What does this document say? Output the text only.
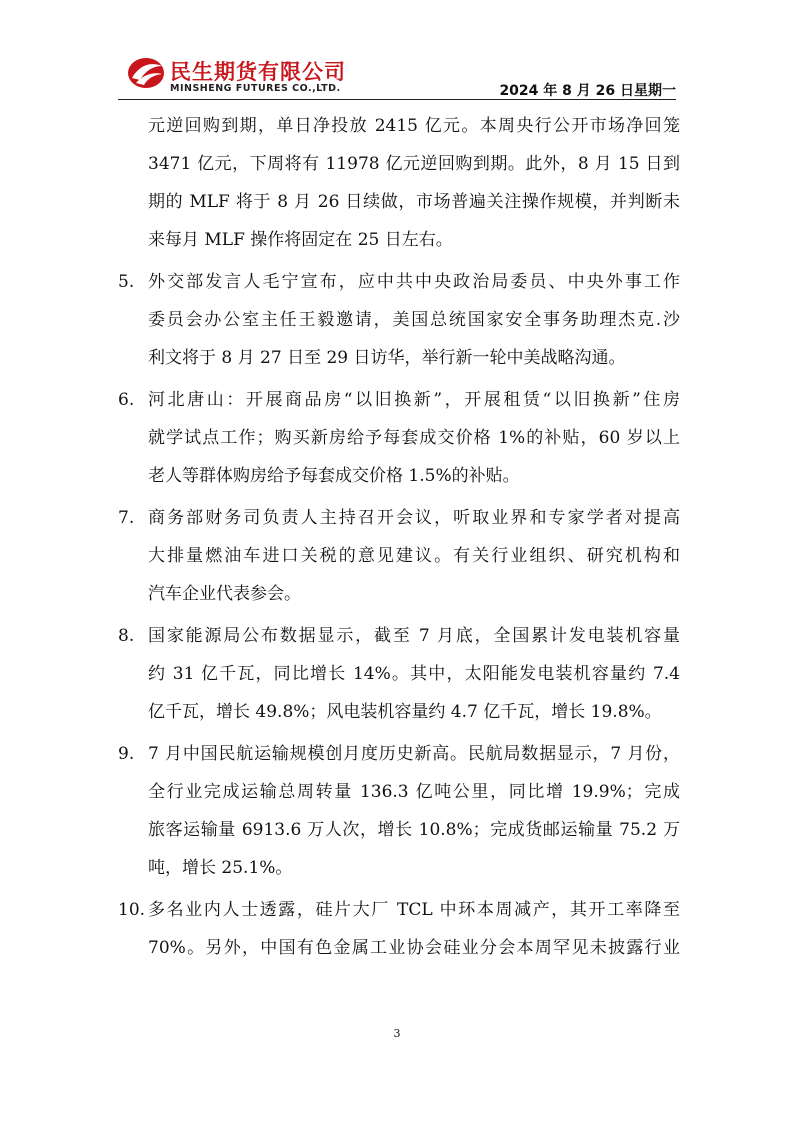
民生期货有限公司
MINSHENG FUTURES CO.,LTD.	2024 年 8 月 26 日星期一
元逆回购到期，单日净投放 2415 亿元。本周央行公开市场净回笼
3471 亿元，下周将有 11978 亿元逆回购到期。此外，8 月 15 日到
期的 MLF 将于 8 月 26 日续做，市场普遍关注操作规模，并判断未
来每月 MLF 操作将固定在 25 日左右。
5. 外交部发言人毛宁宣布，应中共中央政治局委员、中央外事工作
委员会办公室主任王毅邀请，美国总统国家安全事务助理杰克.沙
利文将于 8 月 27 日至 29 日访华，举行新一轮中美战略沟通。
6. 河北唐山：开展商品房“以旧换新”，开展租赁“以旧换新”住房
就学试点工作；购买新房给予每套成交价格 1%的补贴，60 岁以上
老人等群体购房给予每套成交价格 1.5%的补贴。
7. 商务部财务司负责人主持召开会议，听取业界和专家学者对提高
大排量燃油车进口关税的意见建议。有关行业组织、研究机构和
汽车企业代表参会。
8. 国家能源局公布数据显示，截至 7 月底，全国累计发电装机容量
约 31 亿千瓦，同比增长 14%。其中，太阳能发电装机容量约 7.4
亿千瓦，增长 49.8%；风电装机容量约 4.7 亿千瓦，增长 19.8%。
9. 7 月中国民航运输规模创月度历史新高。民航局数据显示，7 月份，
全行业完成运输总周转量 136.3 亿吨公里，同比增 19.9%；完成
旅客运输量 6913.6 万人次，增长 10.8%；完成货邮运输量 75.2 万
吨，增长 25.1%。
10. 多名业内人士透露，硅片大厂 TCL 中环本周减产，其开工率降至
70%。另外，中国有色金属工业协会硅业分会本周罕见未披露行业
3
